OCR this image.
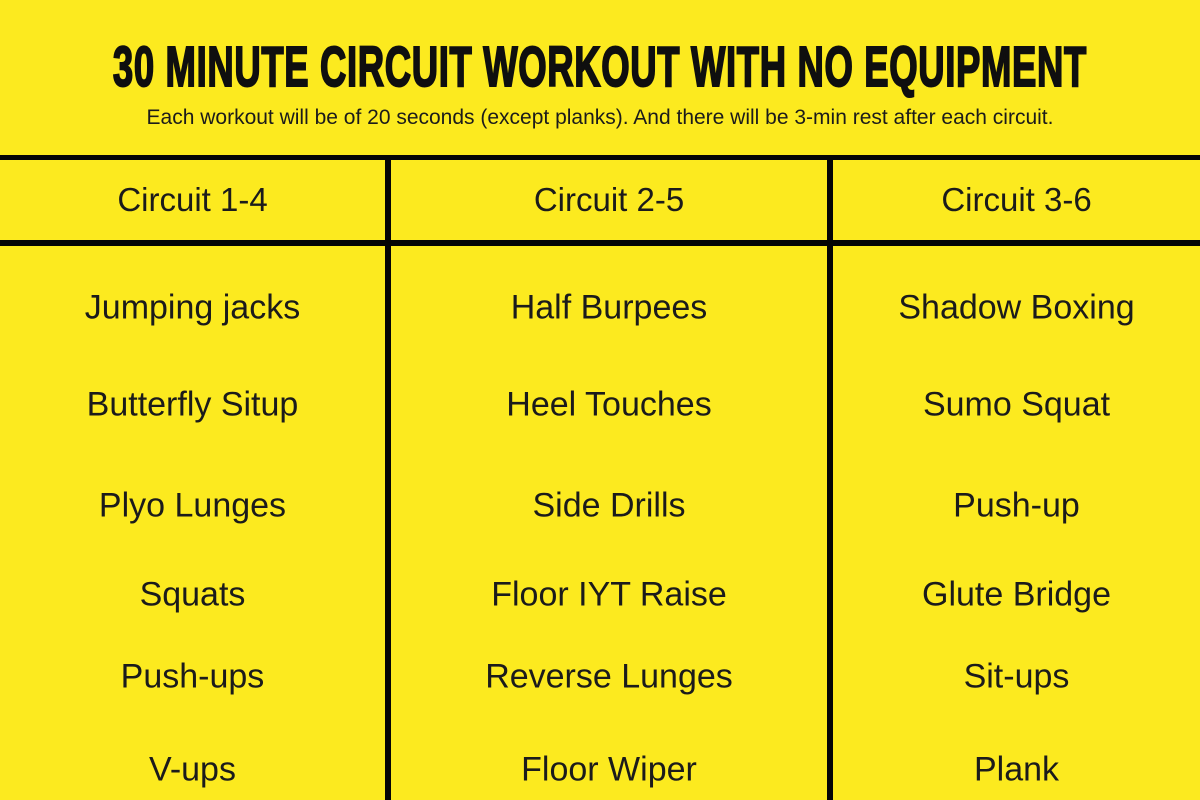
30 MINUTE CIRCUIT WORKOUT WITH NO EQUIPMENT
Each workout will be of 20 seconds (except planks). And there will be 3-min rest after each circuit.
Circuit 1-4	Circuit 2-5	Circuit 3-6
Jumping jacks
Butterfly Situp
Plyo Lunges
Squats
Push-ups
V-ups
Half Burpees
Heel Touches
Side Drills
Floor IYT Raise
Reverse Lunges
Floor Wiper
Shadow Boxing
Sumo Squat
Push-up
Glute Bridge
Sit-ups
Plank
